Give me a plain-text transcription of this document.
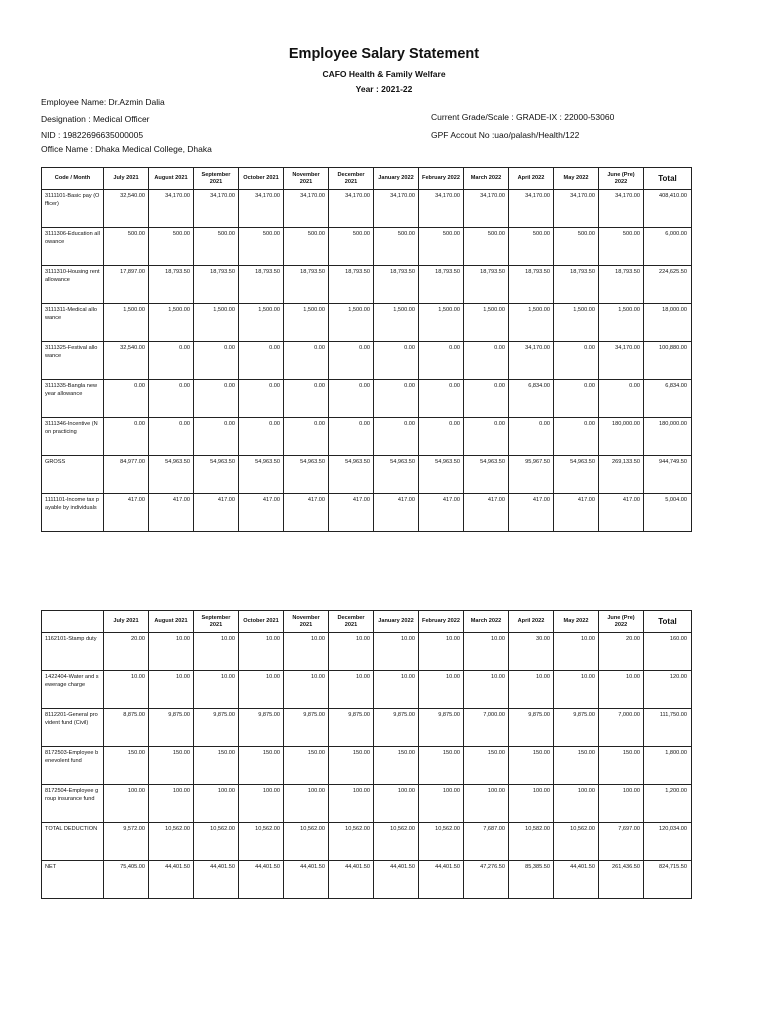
Employee Salary Statement
CAFO Health & Family Welfare
Year : 2021-22
Employee Name: Dr.Azmin Dalia
Designation : Medical Officer
NID : 19822696635000005
Office Name : Dhaka Medical College, Dhaka
Current Grade/Scale : GRADE-IX : 22000-53060
GPF Accout No :uao/palash/Health/122
Code / Month	July 2021	August 2021	September 2021	October 2021	November 2021	December 2021	January 2022	February 2022	March 2022	April 2022	May 2022	June (Pre) 2022	Total
3111101-Basic pay (Officer)	32,540.00	34,170.00	34,170.00	34,170.00	34,170.00	34,170.00	34,170.00	34,170.00	34,170.00	34,170.00	34,170.00	34,170.00	408,410.00
3111306-Education allowance	500.00	500.00	500.00	500.00	500.00	500.00	500.00	500.00	500.00	500.00	500.00	500.00	6,000.00
3111310-Housing rent allowance	17,897.00	18,793.50	18,793.50	18,793.50	18,793.50	18,793.50	18,793.50	18,793.50	18,793.50	18,793.50	18,793.50	18,793.50	224,625.50
3111311-Medical allowance	1,500.00	1,500.00	1,500.00	1,500.00	1,500.00	1,500.00	1,500.00	1,500.00	1,500.00	1,500.00	1,500.00	1,500.00	18,000.00
3111325-Festival allowance	32,540.00	0.00	0.00	0.00	0.00	0.00	0.00	0.00	0.00	34,170.00	0.00	34,170.00	100,880.00
3111335-Bangla new year allowance	0.00	0.00	0.00	0.00	0.00	0.00	0.00	0.00	0.00	6,834.00	0.00	0.00	6,834.00
3111346-Incentive (Non practicing	0.00	0.00	0.00	0.00	0.00	0.00	0.00	0.00	0.00	0.00	0.00	180,000.00	180,000.00
GROSS	84,977.00	54,963.50	54,963.50	54,963.50	54,963.50	54,963.50	54,963.50	54,963.50	54,963.50	95,967.50	54,963.50	269,133.50	944,749.50
1111101-Income tax payable by individuals	417.00	417.00	417.00	417.00	417.00	417.00	417.00	417.00	417.00	417.00	417.00	417.00	5,004.00
	July 2021	August 2021	September 2021	October 2021	November 2021	December 2021	January 2022	February 2022	March 2022	April 2022	May 2022	June (Pre) 2022	Total
1162101-Stamp duty	20.00	10.00	10.00	10.00	10.00	10.00	10.00	10.00	10.00	30.00	10.00	20.00	160.00
1422404-Water and sewerage charge	10.00	10.00	10.00	10.00	10.00	10.00	10.00	10.00	10.00	10.00	10.00	10.00	120.00
8112201-General provident fund (Civil)	8,875.00	9,875.00	9,875.00	9,875.00	9,875.00	9,875.00	9,875.00	9,875.00	7,000.00	9,875.00	9,875.00	7,000.00	111,750.00
8172503-Employee benevolent fund	150.00	150.00	150.00	150.00	150.00	150.00	150.00	150.00	150.00	150.00	150.00	150.00	1,800.00
8172504-Employee group insurance fund	100.00	100.00	100.00	100.00	100.00	100.00	100.00	100.00	100.00	100.00	100.00	100.00	1,200.00
TOTAL DEDUCTION	9,572.00	10,562.00	10,562.00	10,562.00	10,562.00	10,562.00	10,562.00	10,562.00	7,687.00	10,582.00	10,562.00	7,697.00	120,034.00
NET	75,405.00	44,401.50	44,401.50	44,401.50	44,401.50	44,401.50	44,401.50	44,401.50	47,276.50	85,385.50	44,401.50	261,436.50	824,715.50
